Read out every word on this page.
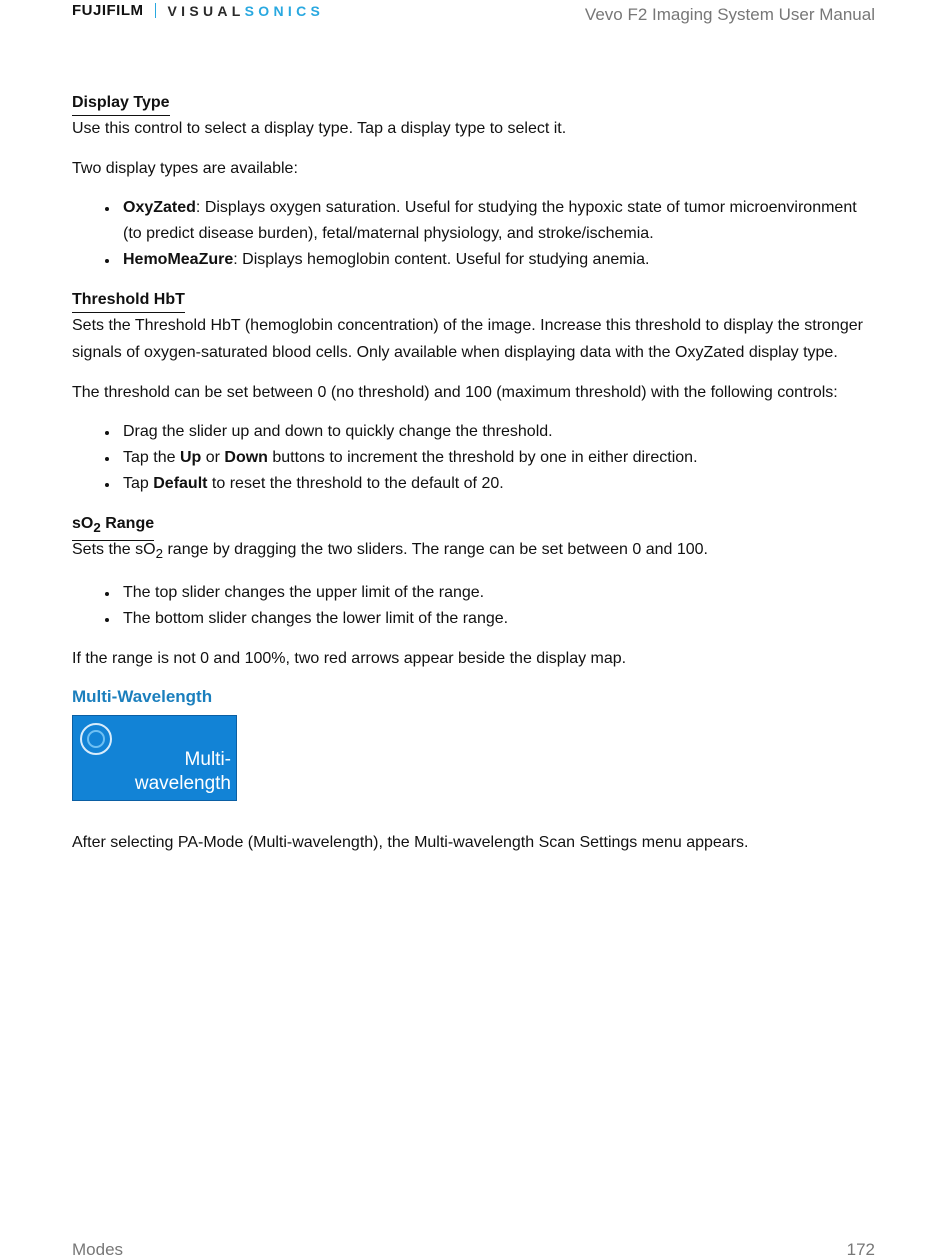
FUJIFILM VISUAL SONICS	Vevo F2 Imaging System User Manual
Display Type

Use this control to select a display type. Tap a display type to select it.

Two display types are available:

OxyZated: Displays oxygen saturation. Useful for studying the hypoxic state of tumor microenvironment (to predict disease burden), fetal/maternal physiology, and stroke/ischemia.
HemoMeaZure: Displays hemoglobin content. Useful for studying anemia.
Threshold HbT

Sets the Threshold HbT (hemoglobin concentration) of the image. Increase this threshold to display the stronger signals of oxygen-saturated blood cells. Only available when displaying data with the OxyZated display type.

The threshold can be set between 0 (no threshold) and 100 (maximum threshold) with the following controls:

Drag the slider up and down to quickly change the threshold.
Tap the Up or Down buttons to increment the threshold by one in either direction.
Tap Default to reset the threshold to the default of 20.
$sO_2$ Range

Sets the $sO_2$ range by dragging the two sliders. The range can be set between 0 and 100.

The top slider changes the upper limit of the range.
The bottom slider changes the lower limit of the range.

If the range is not 0 and 100%, two red arrows appear beside the display map.

Multi-Wavelength
Multi-
wavelength

After selecting PA-Mode (Multi-wavelength), the Multi-wavelength Scan Settings menu appears.

Modes	172
